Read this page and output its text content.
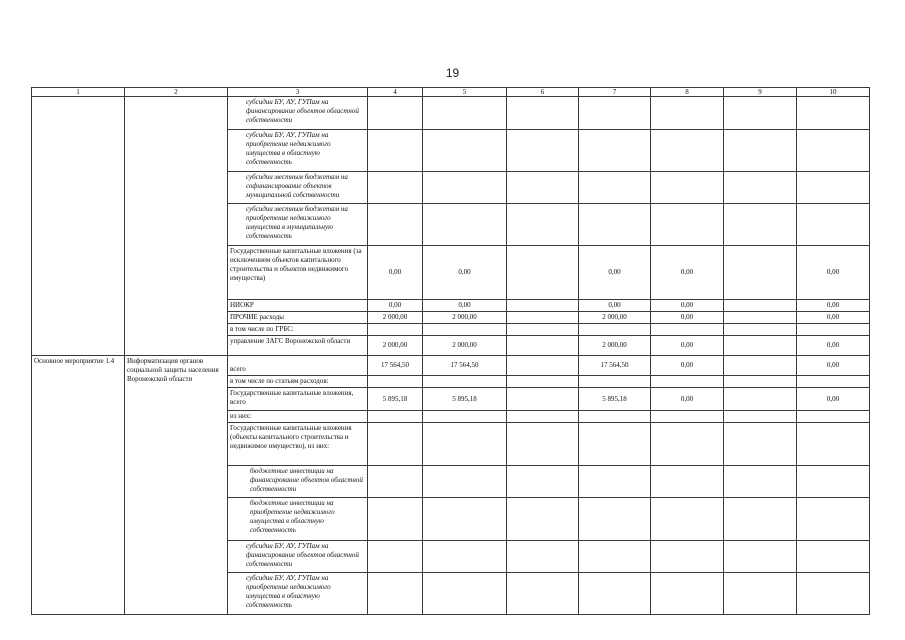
19
1	2	3	4	5	6	7	8	9	10
		субсидии БУ, АУ, ГУПам на финансирование объектов областной собственности							
		субсидии БУ, АУ, ГУПам на приобретение недвижимого имущества в областную собственность							
		субсидии местным бюджетам на софинансирование объектов муниципальной собственности							
		субсидии местным бюджетам на приобретение недвижимого имущества в муниципальную собственность							
		Государственные капитальные вложения (за исключением объектов капитального строительства и объектов недвижимого имущества)	0,00	0,00		0,00	0,00		0,00
		НИОКР	0,00	0,00		0,00	0,00		0,00
		ПРОЧИЕ расходы	2 000,00	2 000,00		2 000,00	0,00		0,00
		в том числе по ГРБС:							
		управление ЗАГС Воронежской области	2 000,00	2 000,00		2 000,00	0,00		0,00
Основное мероприятие 1.4	Информатизация органов социальной защиты населения Воронежской области	всего	17 564,50	17 564,50		17 564,50	0,00		0,00
		в том числе по статьям расходов:							
		Государственные капитальные вложения, всего	5 895,18	5 895,18		5 895,18	0,00		0,00
		из них:							
		Государственные капитальные вложения (объекты капитального строительства и недвижимое имущество), из них:							
		бюджетные инвестиции на финансирование объектов областной собственности							
		бюджетные инвестиции на приобретение недвижимого имущества в областную собственность							
		субсидии БУ, АУ, ГУПам на финансирование объектов областной собственности							
		субсидии БУ, АУ, ГУПам на приобретение недвижимого имущества в областную собственность							
